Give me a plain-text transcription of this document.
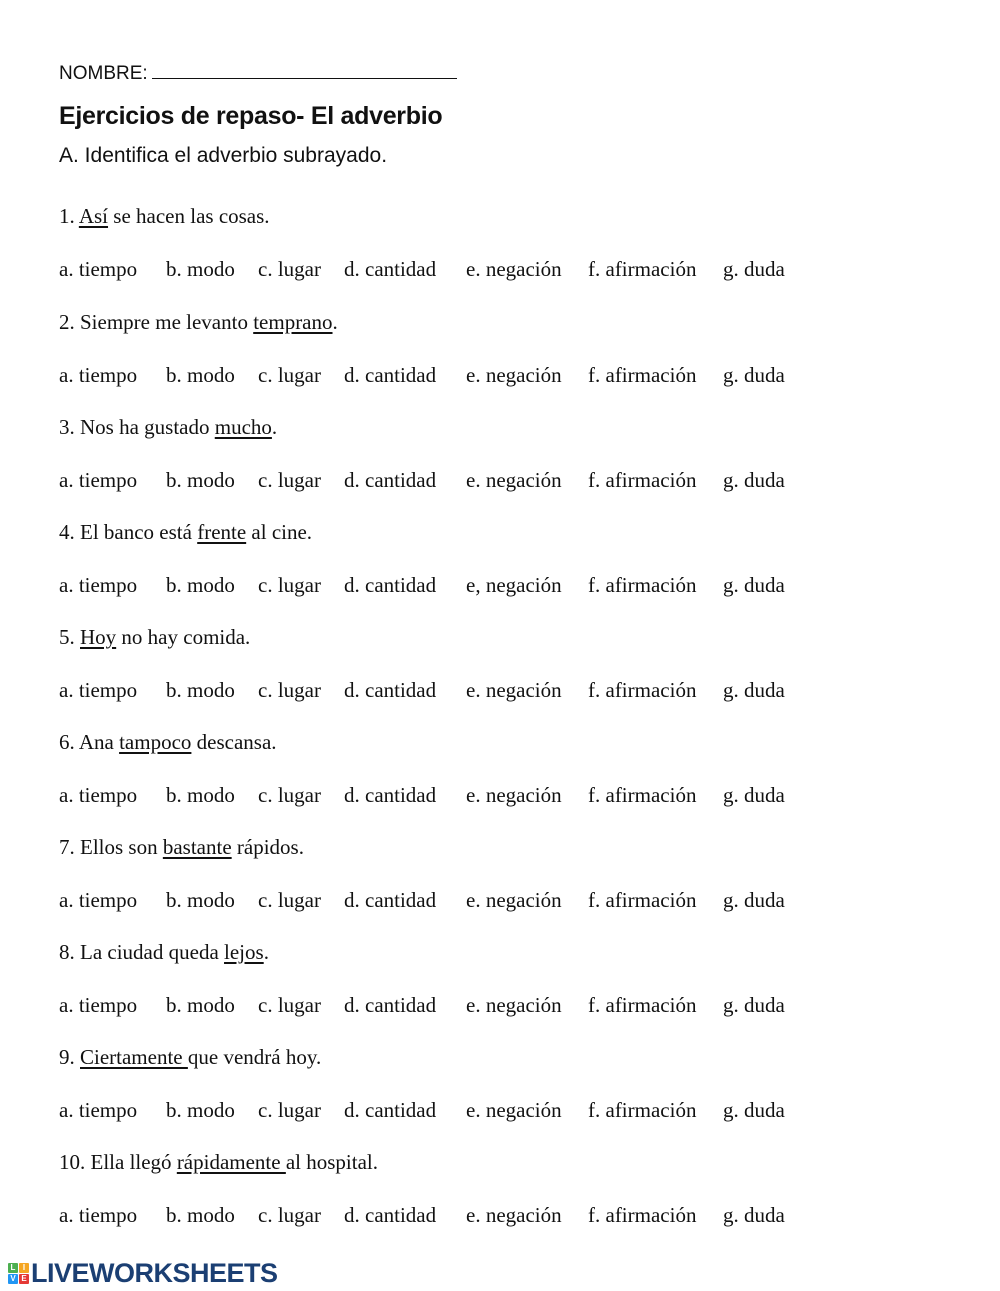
NOMBRE:
Ejercicios de repaso- El adverbio
A. Identifica el adverbio subrayado.
1. Así se hacen las cosas.
a. tiempo b. modo c. lugar d. cantidad e. negación f. afirmación g. duda
2. Siempre me levanto temprano.
a. tiempo b. modo c. lugar d. cantidad e. negación f. afirmación g. duda
3. Nos ha gustado mucho.
a. tiempo b. modo c. lugar d. cantidad e. negación f. afirmación g. duda
4. El banco está frente al cine.
a. tiempo b. modo c. lugar d. cantidad e, negación f. afirmación g. duda
5. Hoy no hay comida.
a. tiempo b. modo c. lugar d. cantidad e. negación f. afirmación g. duda
6. Ana tampoco descansa.
a. tiempo b. modo c. lugar d. cantidad e. negación f. afirmación g. duda
7. Ellos son bastante rápidos.
a. tiempo b. modo c. lugar d. cantidad e. negación f. afirmación g. duda
8. La ciudad queda lejos.
a. tiempo b. modo c. lugar d. cantidad e. negación f. afirmación g. duda
9. Ciertamente que vendrá hoy.
a. tiempo b. modo c. lugar d. cantidad e. negación f. afirmación g. duda
10. Ella llegó rápidamente al hospital.
a. tiempo b. modo c. lugar d. cantidad e. negación f. afirmación g. duda
L I
V E LIVEWORKSHEETS
